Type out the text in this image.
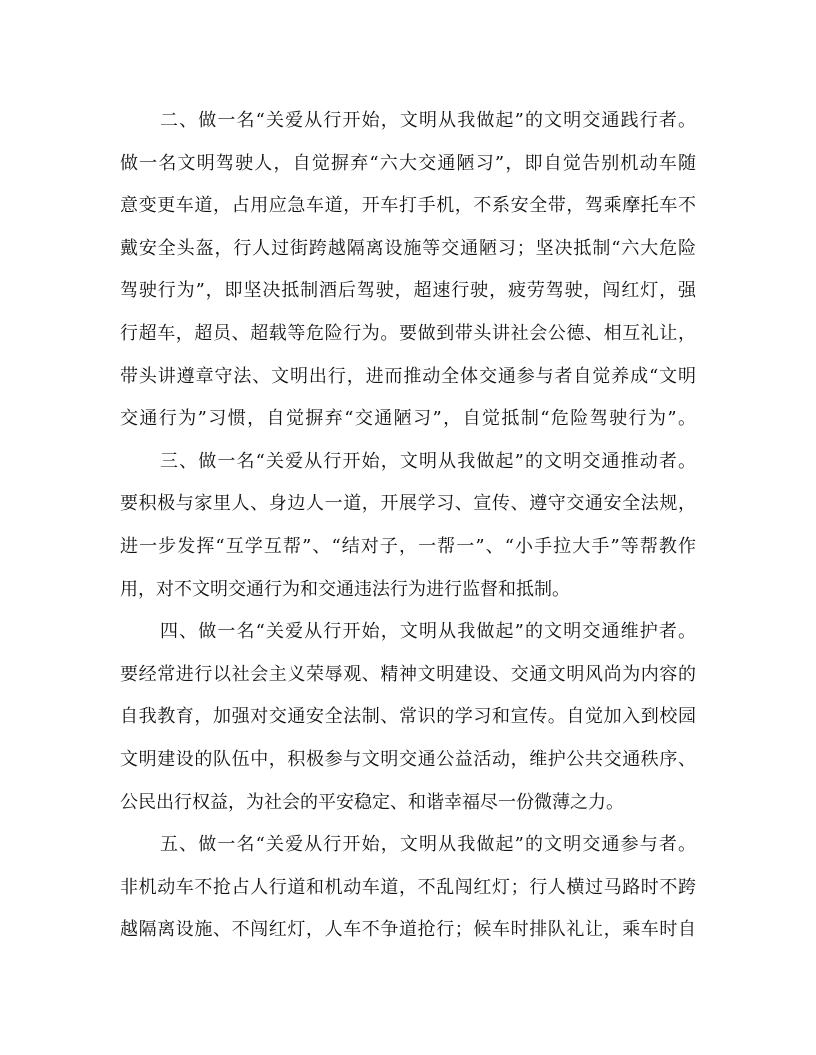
二、做一名“关爱从行开始，文明从我做起”的文明交通践行者。
做一名文明驾驶人，自觉摒弃“六大交通陋习”，即自觉告别机动车随
意变更车道，占用应急车道，开车打手机，不系安全带，驾乘摩托车不
戴安全头盔，行人过街跨越隔离设施等交通陋习；坚决抵制“六大危险
驾驶行为”，即坚决抵制酒后驾驶，超速行驶，疲劳驾驶，闯红灯，强
行超车，超员、超载等危险行为。要做到带头讲社会公德、相互礼让，
带头讲遵章守法、文明出行，进而推动全体交通参与者自觉养成“文明
交通行为”习惯，自觉摒弃“交通陋习”，自觉抵制“危险驾驶行为”。
三、做一名“关爱从行开始，文明从我做起”的文明交通推动者。
要积极与家里人、身边人一道，开展学习、宣传、遵守交通安全法规，
进一步发挥“互学互帮”、“结对子，一帮一”、“小手拉大手”等帮教作
用，对不文明交通行为和交通违法行为进行监督和抵制。
四、做一名“关爱从行开始，文明从我做起”的文明交通维护者。
要经常进行以社会主义荣辱观、精神文明建设、交通文明风尚为内容的
自我教育，加强对交通安全法制、常识的学习和宣传。自觉加入到校园
文明建设的队伍中，积极参与文明交通公益活动，维护公共交通秩序、
公民出行权益，为社会的平安稳定、和谐幸福尽一份微薄之力。
五、做一名“关爱从行开始，文明从我做起”的文明交通参与者。
非机动车不抢占人行道和机动车道，不乱闯红灯；行人横过马路时不跨
越隔离设施、不闯红灯，人车不争道抢行；候车时排队礼让，乘车时自
